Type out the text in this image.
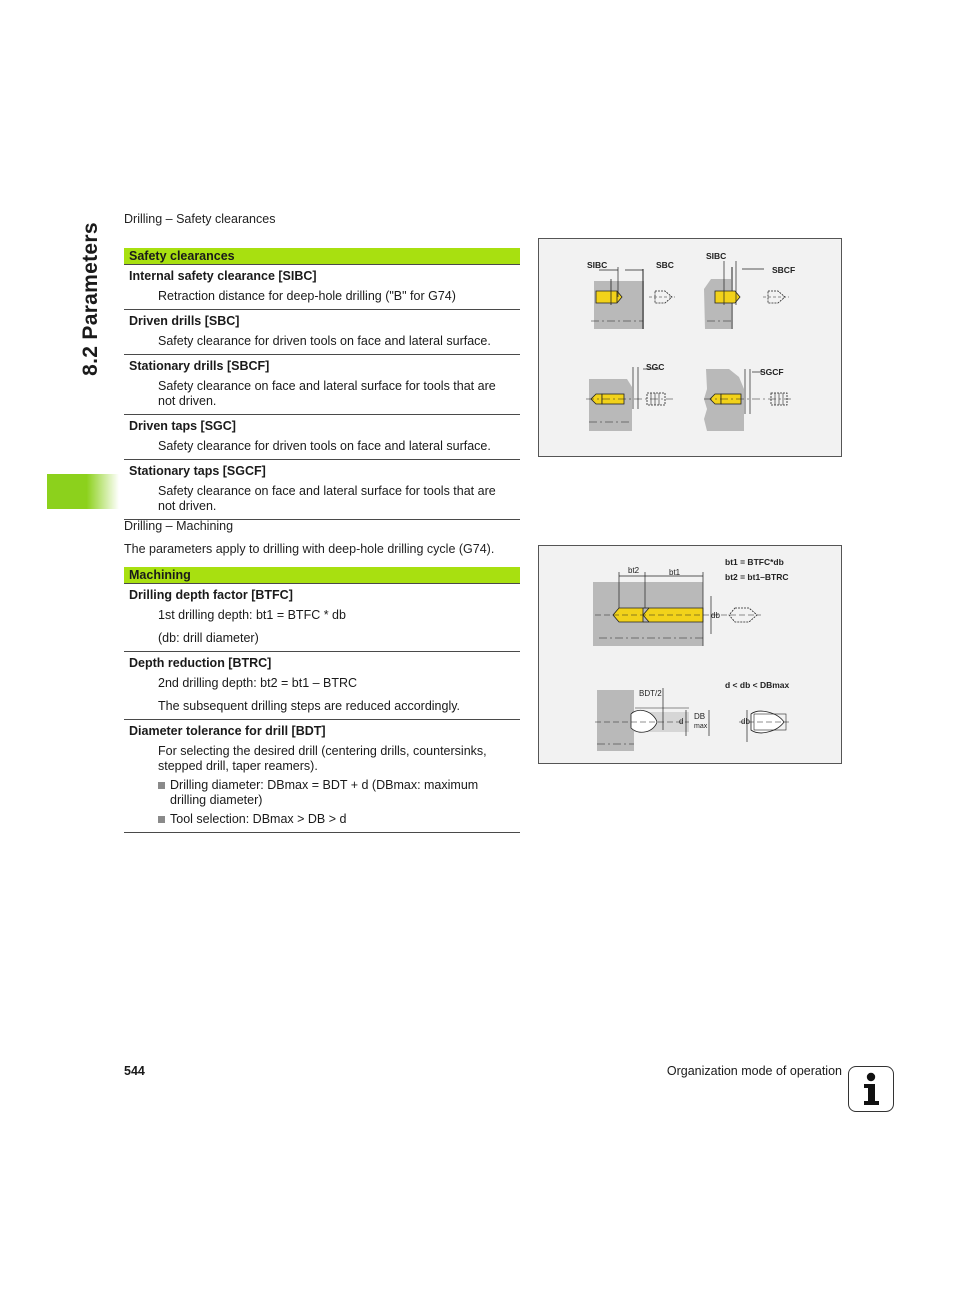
8.2 Parameters
Drilling – Safety clearances
Safety clearances
Internal safety clearance [SIBC]
Retraction distance for deep-hole drilling ("B" for G74)
Driven drills [SBC]
Safety clearance for driven tools on face and lateral surface.
Stationary drills [SBCF]
Safety clearance on face and lateral surface for tools that are not driven.
Driven taps [SGC]
Safety clearance for driven tools on face and lateral surface.
Stationary taps [SGCF]
Safety clearance on face and lateral surface for tools that are not driven.
Drilling – Machining
The parameters apply to drilling with deep-hole drilling cycle (G74).
Machining
Drilling depth factor [BTFC]
1st drilling depth: bt1 = BTFC * db
(db: drill diameter)
Depth reduction [BTRC]
2nd drilling depth: bt2 = bt1 – BTRC
The subsequent drilling steps are reduced accordingly.
Diameter tolerance for drill [BDT]
For selecting the desired drill (centering drills, countersinks, stepped drill, taper reamers).
Drilling diameter: DBmax = BDT + d (DBmax: maximum drilling diameter)
Tool selection: DBmax > DB > d
SIBC	SBC
SIBC
SBCF
SGC	SGCF
bt2	bt1
db
bt1 = BTFC*db
bt2 = bt1–BTRC
BDT/2
d
DB
max
db
d < db < DBmax
544	Organization mode of operation
